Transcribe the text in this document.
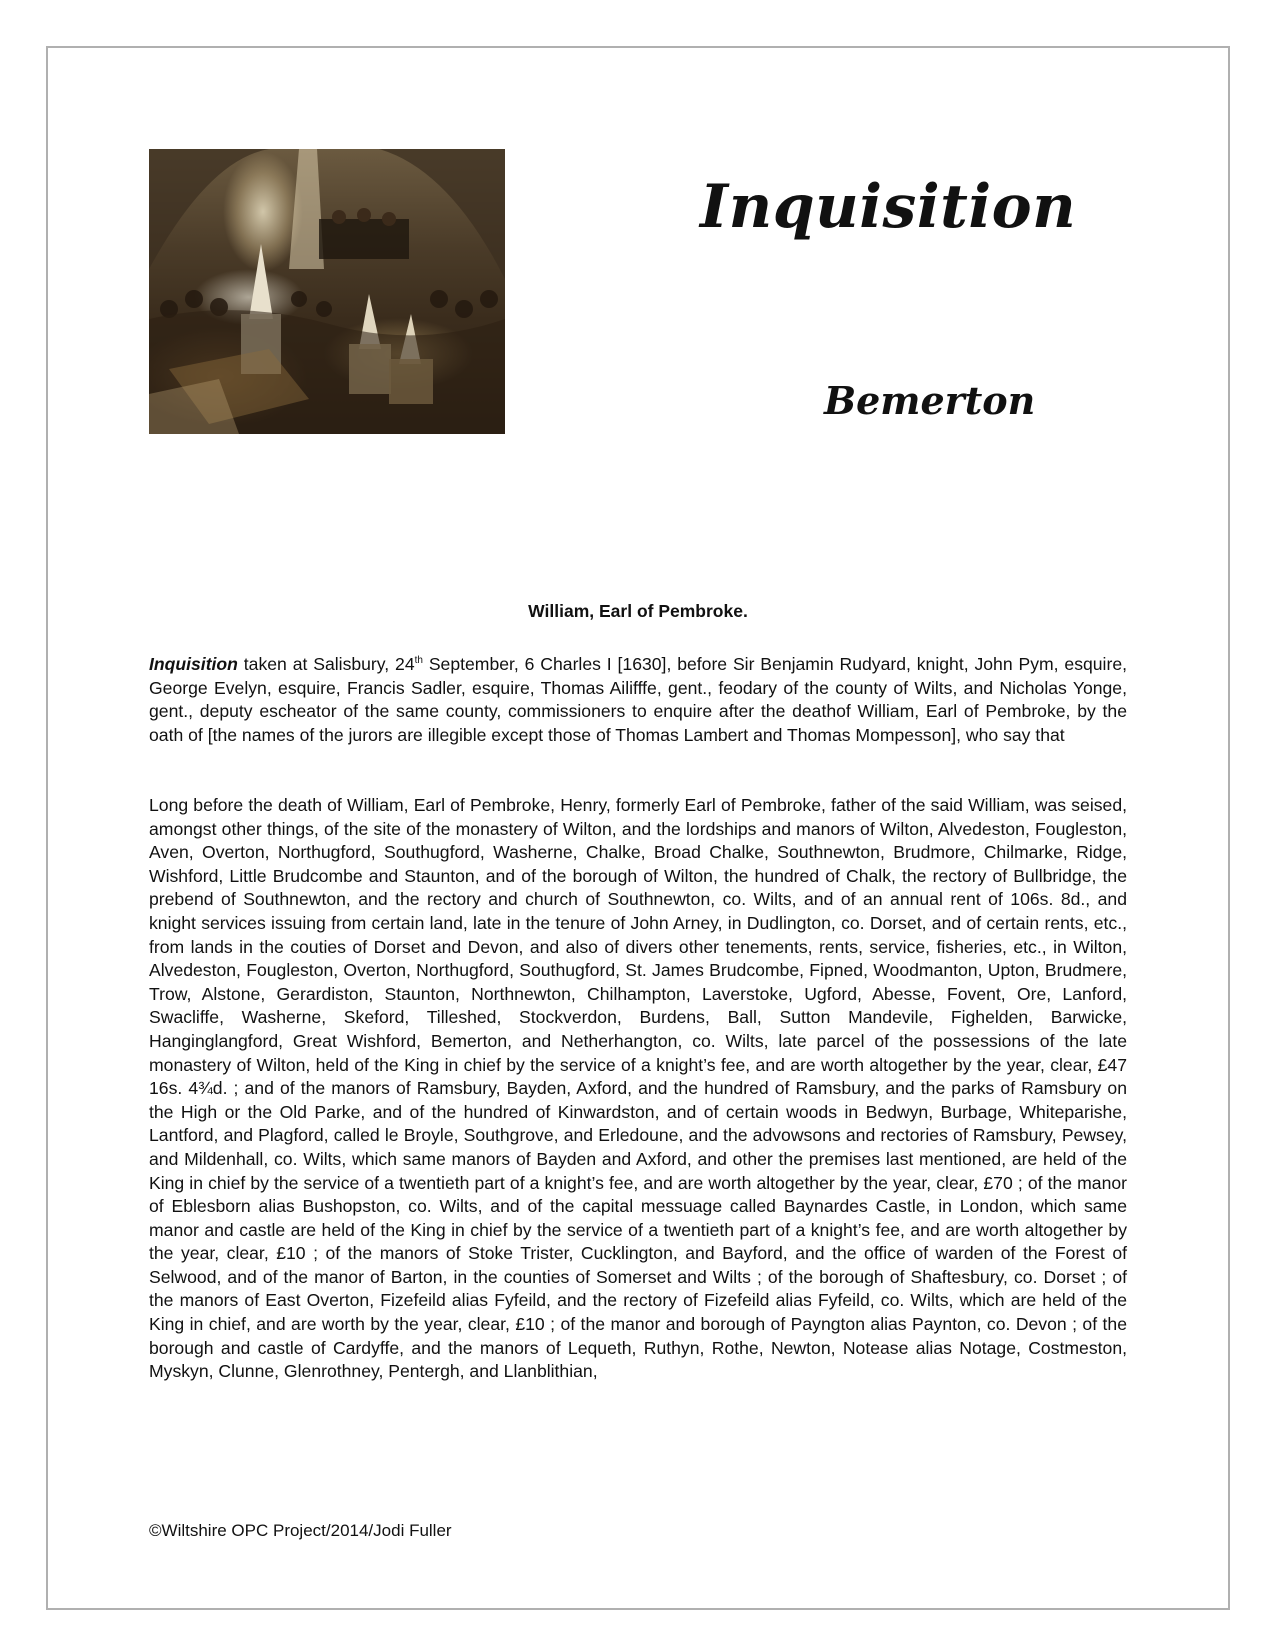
Inquisition
Bemerton

William, Earl of Pembroke.

Inquisition taken at Salisbury, 24th September, 6 Charles I [1630], before Sir Benjamin Rudyard, knight, John Pym, esquire, George Evelyn, esquire, Francis Sadler, esquire, Thomas Ailifffe, gent., feodary of the county of Wilts, and Nicholas Yonge, gent., deputy escheator of the same county, commissioners to enquire after the deathof William, Earl of Pembroke, by the oath of [the names of the jurors are illegible except those of Thomas Lambert and Thomas Mompesson], who say that

Long before the death of William, Earl of Pembroke, Henry, formerly Earl of Pembroke, father of the said William, was seised, amongst other things, of the site of the monastery of Wilton, and the lordships and manors of Wilton, Alvedeston, Fougleston, Aven, Overton, Northugford, Southugford, Washerne, Chalke, Broad Chalke, Southnewton, Brudmore, Chilmarke, Ridge, Wishford, Little Brudcombe and Staunton, and of the borough of Wilton, the hundred of Chalk, the rectory of Bullbridge, the prebend of Southnewton, and the rectory and church of Southnewton, co. Wilts, and of an annual rent of 106s. 8d., and knight services issuing from certain land, late in the tenure of John Arney, in Dudlington, co. Dorset, and of certain rents, etc., from lands in the couties of Dorset and Devon, and also of divers other tenements, rents, service, fisheries, etc., in Wilton, Alvedeston, Fougleston, Overton, Northugford, Southugford, St. James Brudcombe, Fipned, Woodmanton, Upton, Brudmere, Trow, Alstone, Gerardiston, Staunton, Northnewton, Chilhampton, Laverstoke, Ugford, Abesse, Fovent, Ore, Lanford, Swacliffe, Washerne, Skeford, Tilleshed, Stockverdon, Burdens, Ball, Sutton Mandevile, Fighelden, Barwicke, Hanginglangford, Great Wishford, Bemerton, and Netherhangton, co. Wilts, late parcel of the possessions of the late monastery of Wilton, held of the King in chief by the service of a knight’s fee, and are worth altogether by the year, clear, £47 16s. 4¾d. ; and of the manors of Ramsbury, Bayden, Axford, and the hundred of Ramsbury, and the parks of Ramsbury on the High or the Old Parke, and of the hundred of Kinwardston, and of certain woods in Bedwyn, Burbage, Whiteparishe, Lantford, and Plagford, called le Broyle, Southgrove, and Erledoune, and the advowsons and rectories of Ramsbury, Pewsey, and Mildenhall, co. Wilts, which same manors of Bayden and Axford, and other the premises last mentioned, are held of the King in chief by the service of a twentieth part of a knight’s fee, and are worth altogether by the year, clear, £70 ; of the manor of Eblesborn alias Bushopston, co. Wilts, and of the capital messuage called Baynardes Castle, in London, which same manor and castle are held of the King in chief by the service of a twentieth part of a knight’s fee, and are worth altogether by the year, clear, £10 ; of the manors of Stoke Trister, Cucklington, and Bayford, and the office of warden of the Forest of Selwood, and of the manor of Barton, in the counties of Somerset and Wilts ; of the borough of Shaftesbury, co. Dorset ; of the manors of East Overton, Fizefeild alias Fyfeild, and the rectory of Fizefeild alias Fyfeild, co. Wilts, which are held of the King in chief, and are worth by the year, clear, £10 ; of the manor and borough of Payngton alias Paynton, co. Devon ; of the borough and castle of Cardyffe, and the manors of Lequeth, Ruthyn, Rothe, Newton, Notease alias Notage, Costmeston, Myskyn, Clunne, Glenrothney, Pentergh, and Llanblithian,

©Wiltshire OPC Project/2014/Jodi Fuller
